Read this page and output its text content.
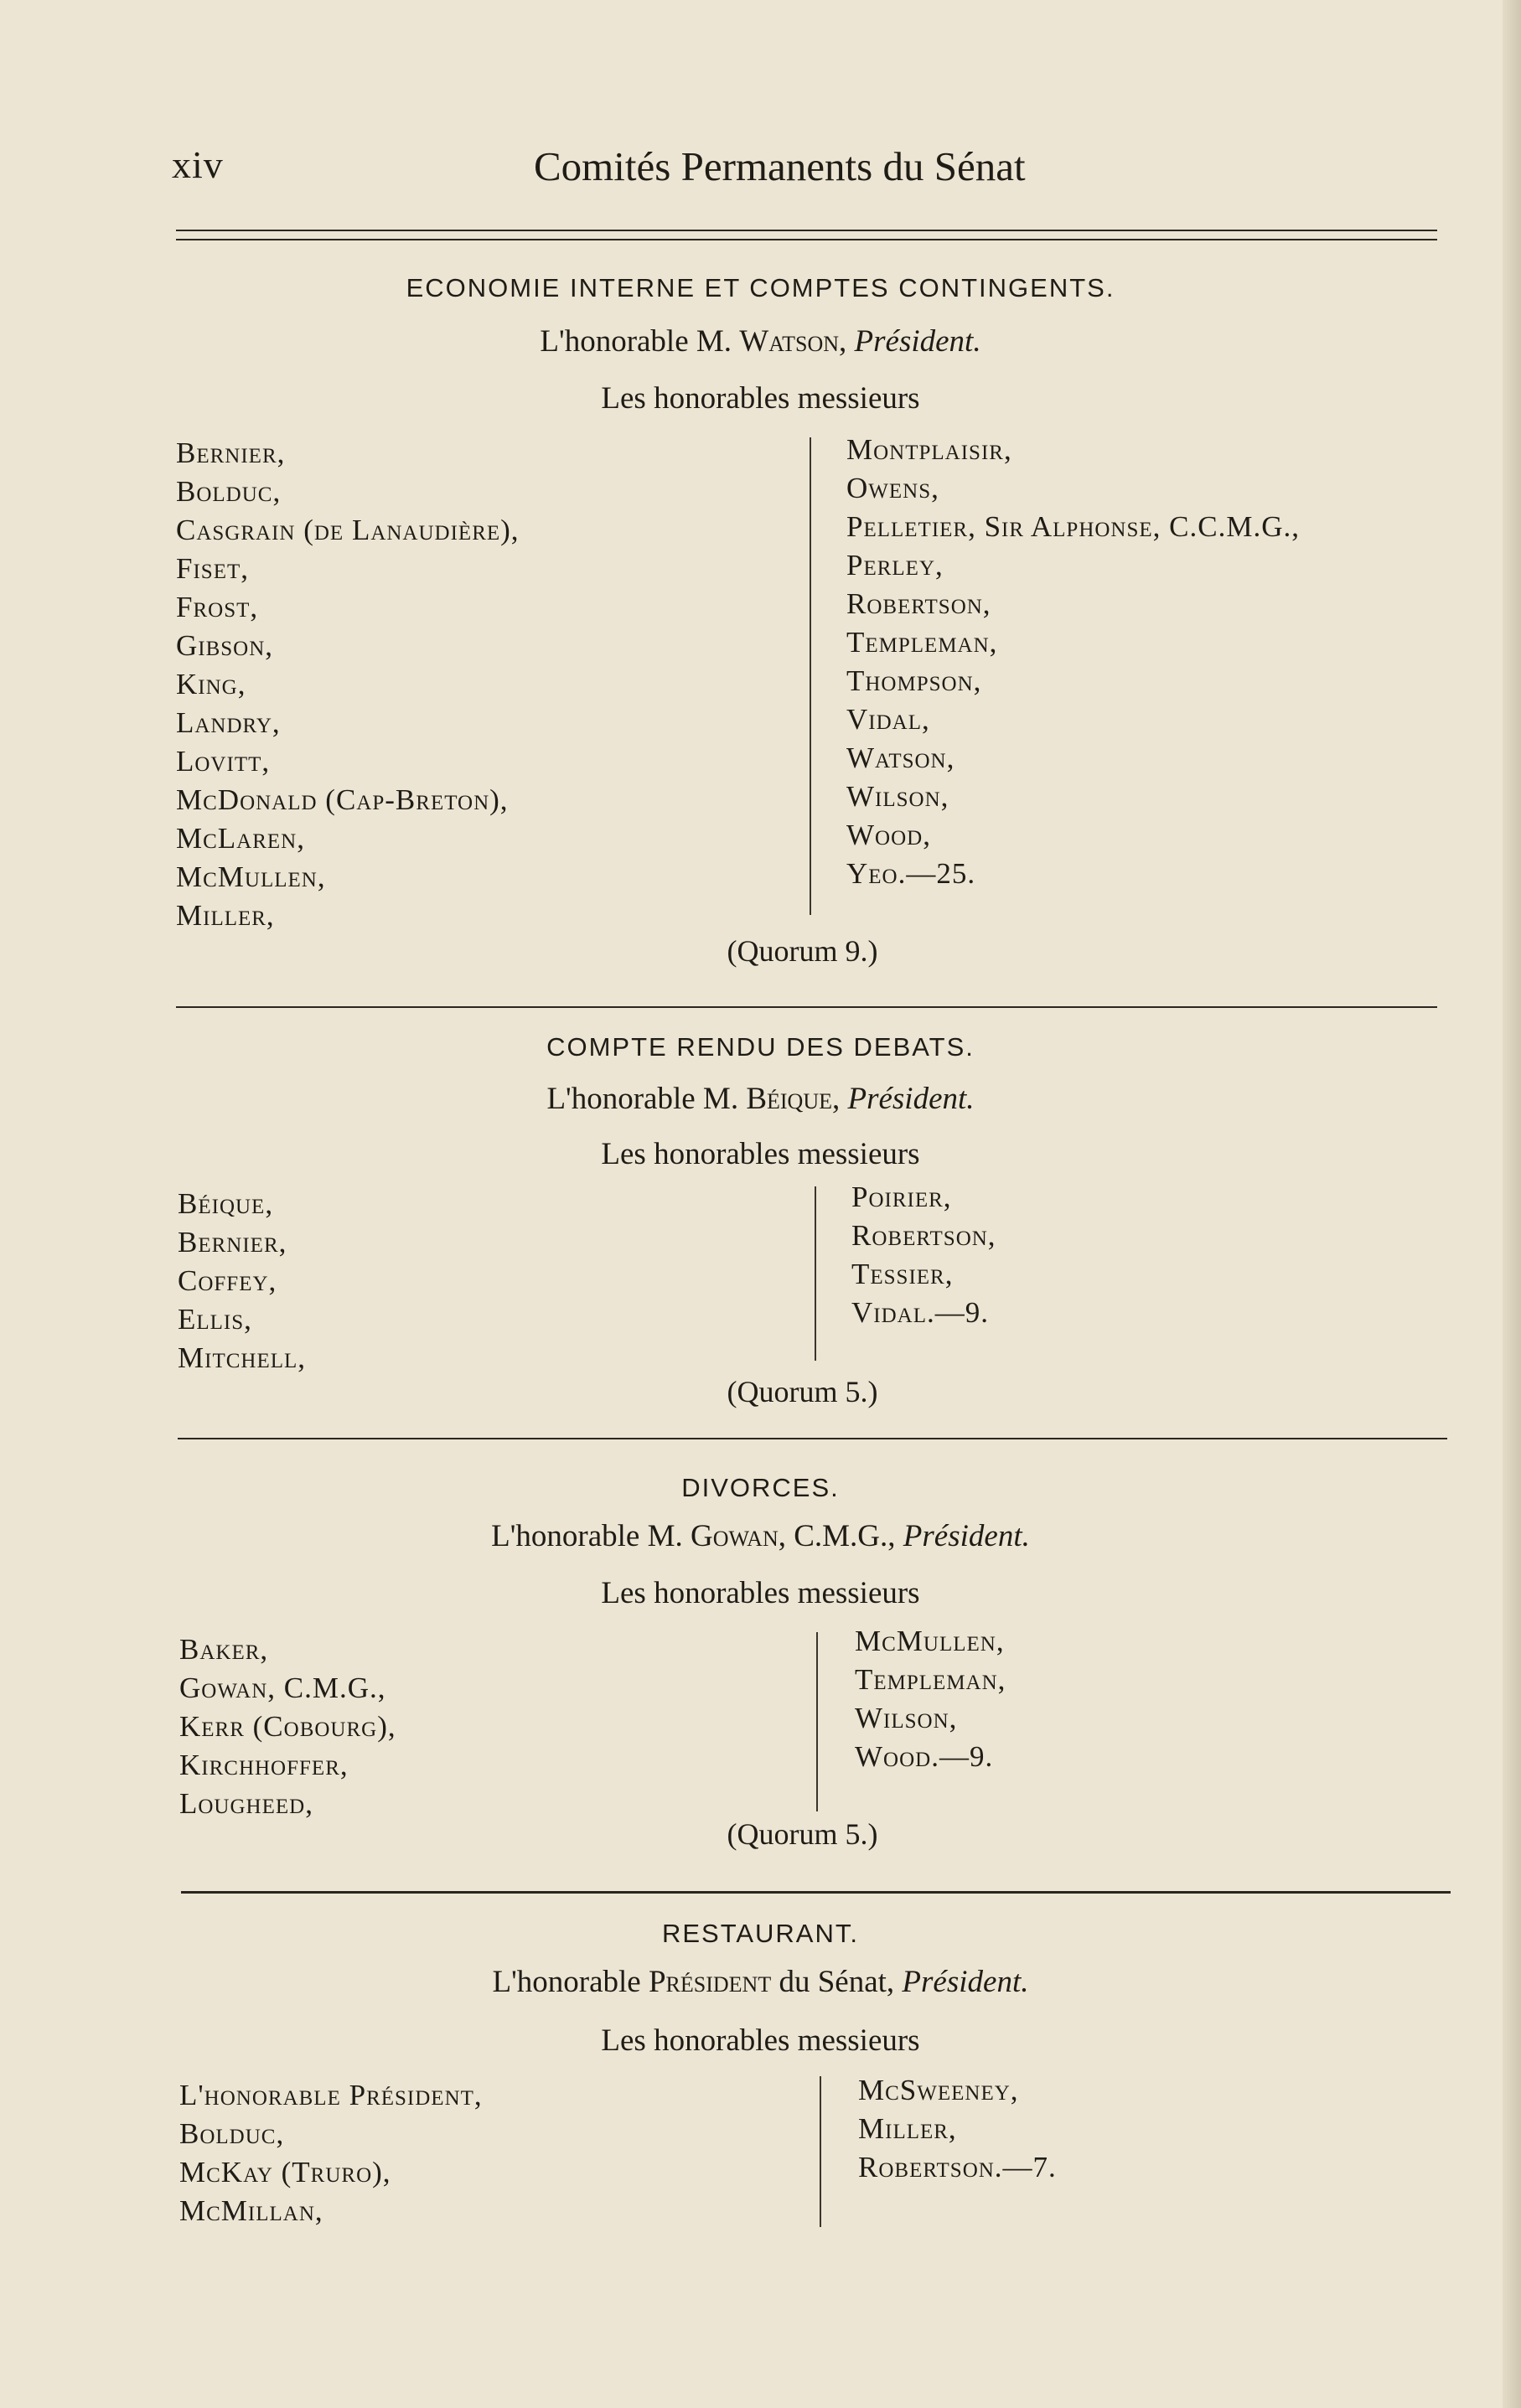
xiv	Comités Permanents du Sénat
ECONOMIE INTERNE ET COMPTES CONTINGENTS.
L'honorable M. Watson, Président.
Les honorables messieurs
Bernier,
Bolduc,
Casgrain (de Lanaudière),
Fiset,
Frost,
Gibson,
King,
Landry,
Lovitt,
McDonald (Cap-Breton),
McLaren,
McMullen,
Miller,
Montplaisir,
Owens,
Pelletier, Sir Alphonse, C.C.M.G.,
Perley,
Robertson,
Templeman,
Thompson,
Vidal,
Watson,
Wilson,
Wood,
Yeo.—25.
(Quorum 9.)
COMPTE RENDU DES DEBATS.
L'honorable M. Béique, Président.
Les honorables messieurs
Béique,
Bernier,
Coffey,
Ellis,
Mitchell,
Poirier,
Robertson,
Tessier,
Vidal.—9.
(Quorum 5.)
DIVORCES.
L'honorable M. Gowan, C.M.G., Président.
Les honorables messieurs
Baker,
Gowan, C.M.G.,
Kerr (Cobourg),
Kirchhoffer,
Lougheed,
McMullen,
Templeman,
Wilson,
Wood.—9.
(Quorum 5.)
RESTAURANT.
L'honorable Président du Sénat, Président.
Les honorables messieurs
L'honorable Président,
Bolduc,
McKay (Truro),
McMillan,
McSweeney,
Miller,
Robertson.—7.
